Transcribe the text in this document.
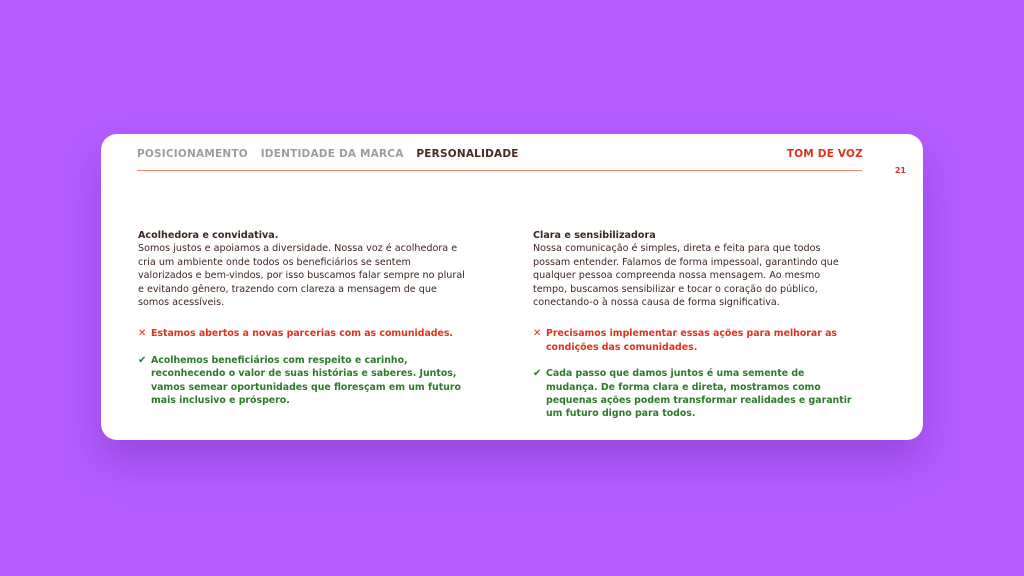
POSICIONAMENTO IDENTIDADE DA MARCA PERSONALIDADE	TOM DE VOZ
21
Acolhedora e convidativa.

Somos justos e apoiamos a diversidade. Nossa voz é acolhedora e cria um ambiente onde todos os beneficiários se sentem valorizados e bem-vindos, por isso buscamos falar sempre no plural e evitando gênero, trazendo com clareza a mensagem de que somos acessíveis.

✕ Estamos abertos a novas parcerias com as comunidades.
✔ Acolhemos beneficiários com respeito e carinho, reconhecendo o valor de suas histórias e saberes. Juntos, vamos semear oportunidades que floresçam em um futuro mais inclusivo e próspero.
Clara e sensibilizadora

Nossa comunicação é simples, direta e feita para que todos possam entender. Falamos de forma impessoal, garantindo que qualquer pessoa compreenda nossa mensagem. Ao mesmo tempo, buscamos sensibilizar e tocar o coração do público, conectando-o à nossa causa de forma significativa.

✕ Precisamos implementar essas ações para melhorar as condições das comunidades.
✔ Cada passo que damos juntos é uma semente de mudança. De forma clara e direta, mostramos como pequenas ações podem transformar realidades e garantir um futuro digno para todos.
